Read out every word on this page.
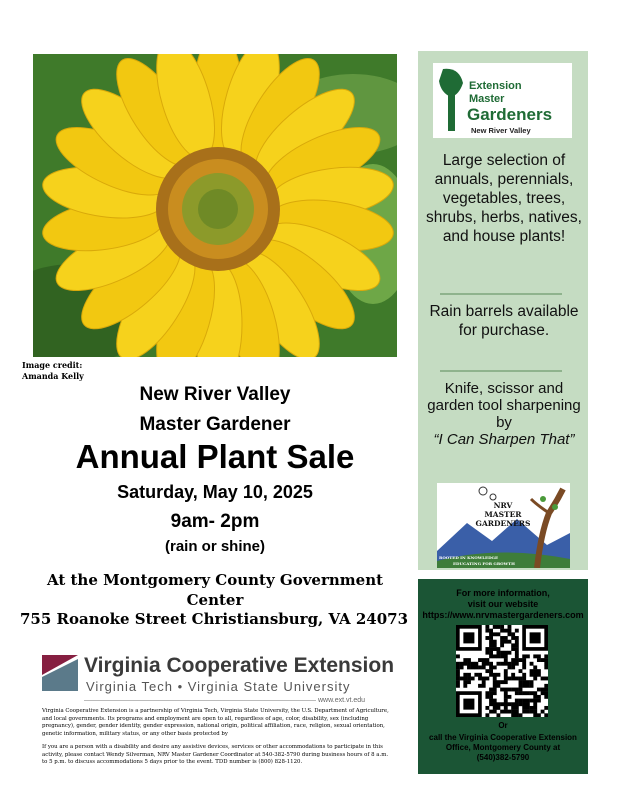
Image credit:
Amanda Kelly
New River Valley
Master Gardener
Annual Plant Sale
Saturday, May 10, 2025
9am- 2pm
(rain or shine)
At the Montgomery County Government Center
755 Roanoke Street Christiansburg, VA 24073
Virginia Cooperative Extension
Virginia Tech • Virginia State University
www.ext.vt.edu
Virginia Cooperative Extension is a partnership of Virginia Tech, Virginia State University, the U.S. Department of Agriculture, and local governments. Its programs and employment are open to all, regardless of age, color, disability, sex (including pregnancy), gender, gender identity, gender expression, national origin, political affiliation, race, religion, sexual orientation, genetic information, military status, or any other basis protected by
If you are a person with a disability and desire any assistive devices, services or other accommodations to participate in this activity, please contact Wendy Silverman, NRV Master Gardener Coordinator at 540-382-5790 during business hours of 8 a.m. to 5 p.m. to discuss accommodations 5 days prior to the event. TDD number is (800) 828-1120.
Extension
Master
Gardeners
New River Valley
Large selection of annuals, perennials, vegetables, trees, shrubs, herbs, natives, and house plants!
Rain barrels available for purchase.
Knife, scissor and garden tool sharpening by
“I Can Sharpen That”
NRV
MASTER
GARDENERS
ROOTED IN KNOWLEDGE
EDUCATING FOR GROWTH
For more information,
visit our website
https://www.nrvmastergardeners.com
Or
call the Virginia Cooperative Extension
Office, Montgomery County at
(540)382-5790
